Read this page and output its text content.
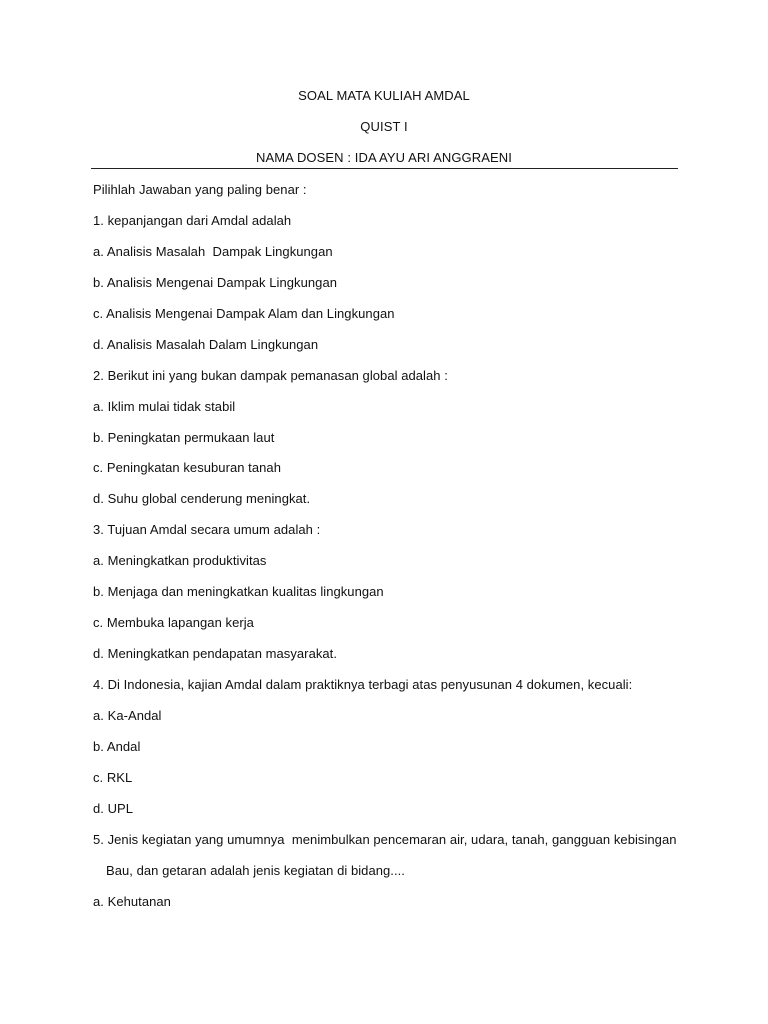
SOAL MATA KULIAH AMDAL
QUIST I
NAMA DOSEN : IDA AYU ARI ANGGRAENI
Pilihlah Jawaban yang paling benar :
1. kepanjangan dari Amdal adalah
a. Analisis Masalah  Dampak Lingkungan
b. Analisis Mengenai Dampak Lingkungan
c. Analisis Mengenai Dampak Alam dan Lingkungan
d. Analisis Masalah Dalam Lingkungan
2. Berikut ini yang bukan dampak pemanasan global adalah :
a. Iklim mulai tidak stabil
b. Peningkatan permukaan laut
c. Peningkatan kesuburan tanah
d. Suhu global cenderung meningkat.
3. Tujuan Amdal secara umum adalah :
a. Meningkatkan produktivitas
b. Menjaga dan meningkatkan kualitas lingkungan
c. Membuka lapangan kerja
d. Meningkatkan pendapatan masyarakat.
4. Di Indonesia, kajian Amdal dalam praktiknya terbagi atas penyusunan 4 dokumen, kecuali:
a. Ka-Andal
b. Andal
c. RKL
d. UPL
5. Jenis kegiatan yang umumnya  menimbulkan pencemaran air, udara, tanah, gangguan kebisingan
Bau, dan getaran adalah jenis kegiatan di bidang....
a. Kehutanan
